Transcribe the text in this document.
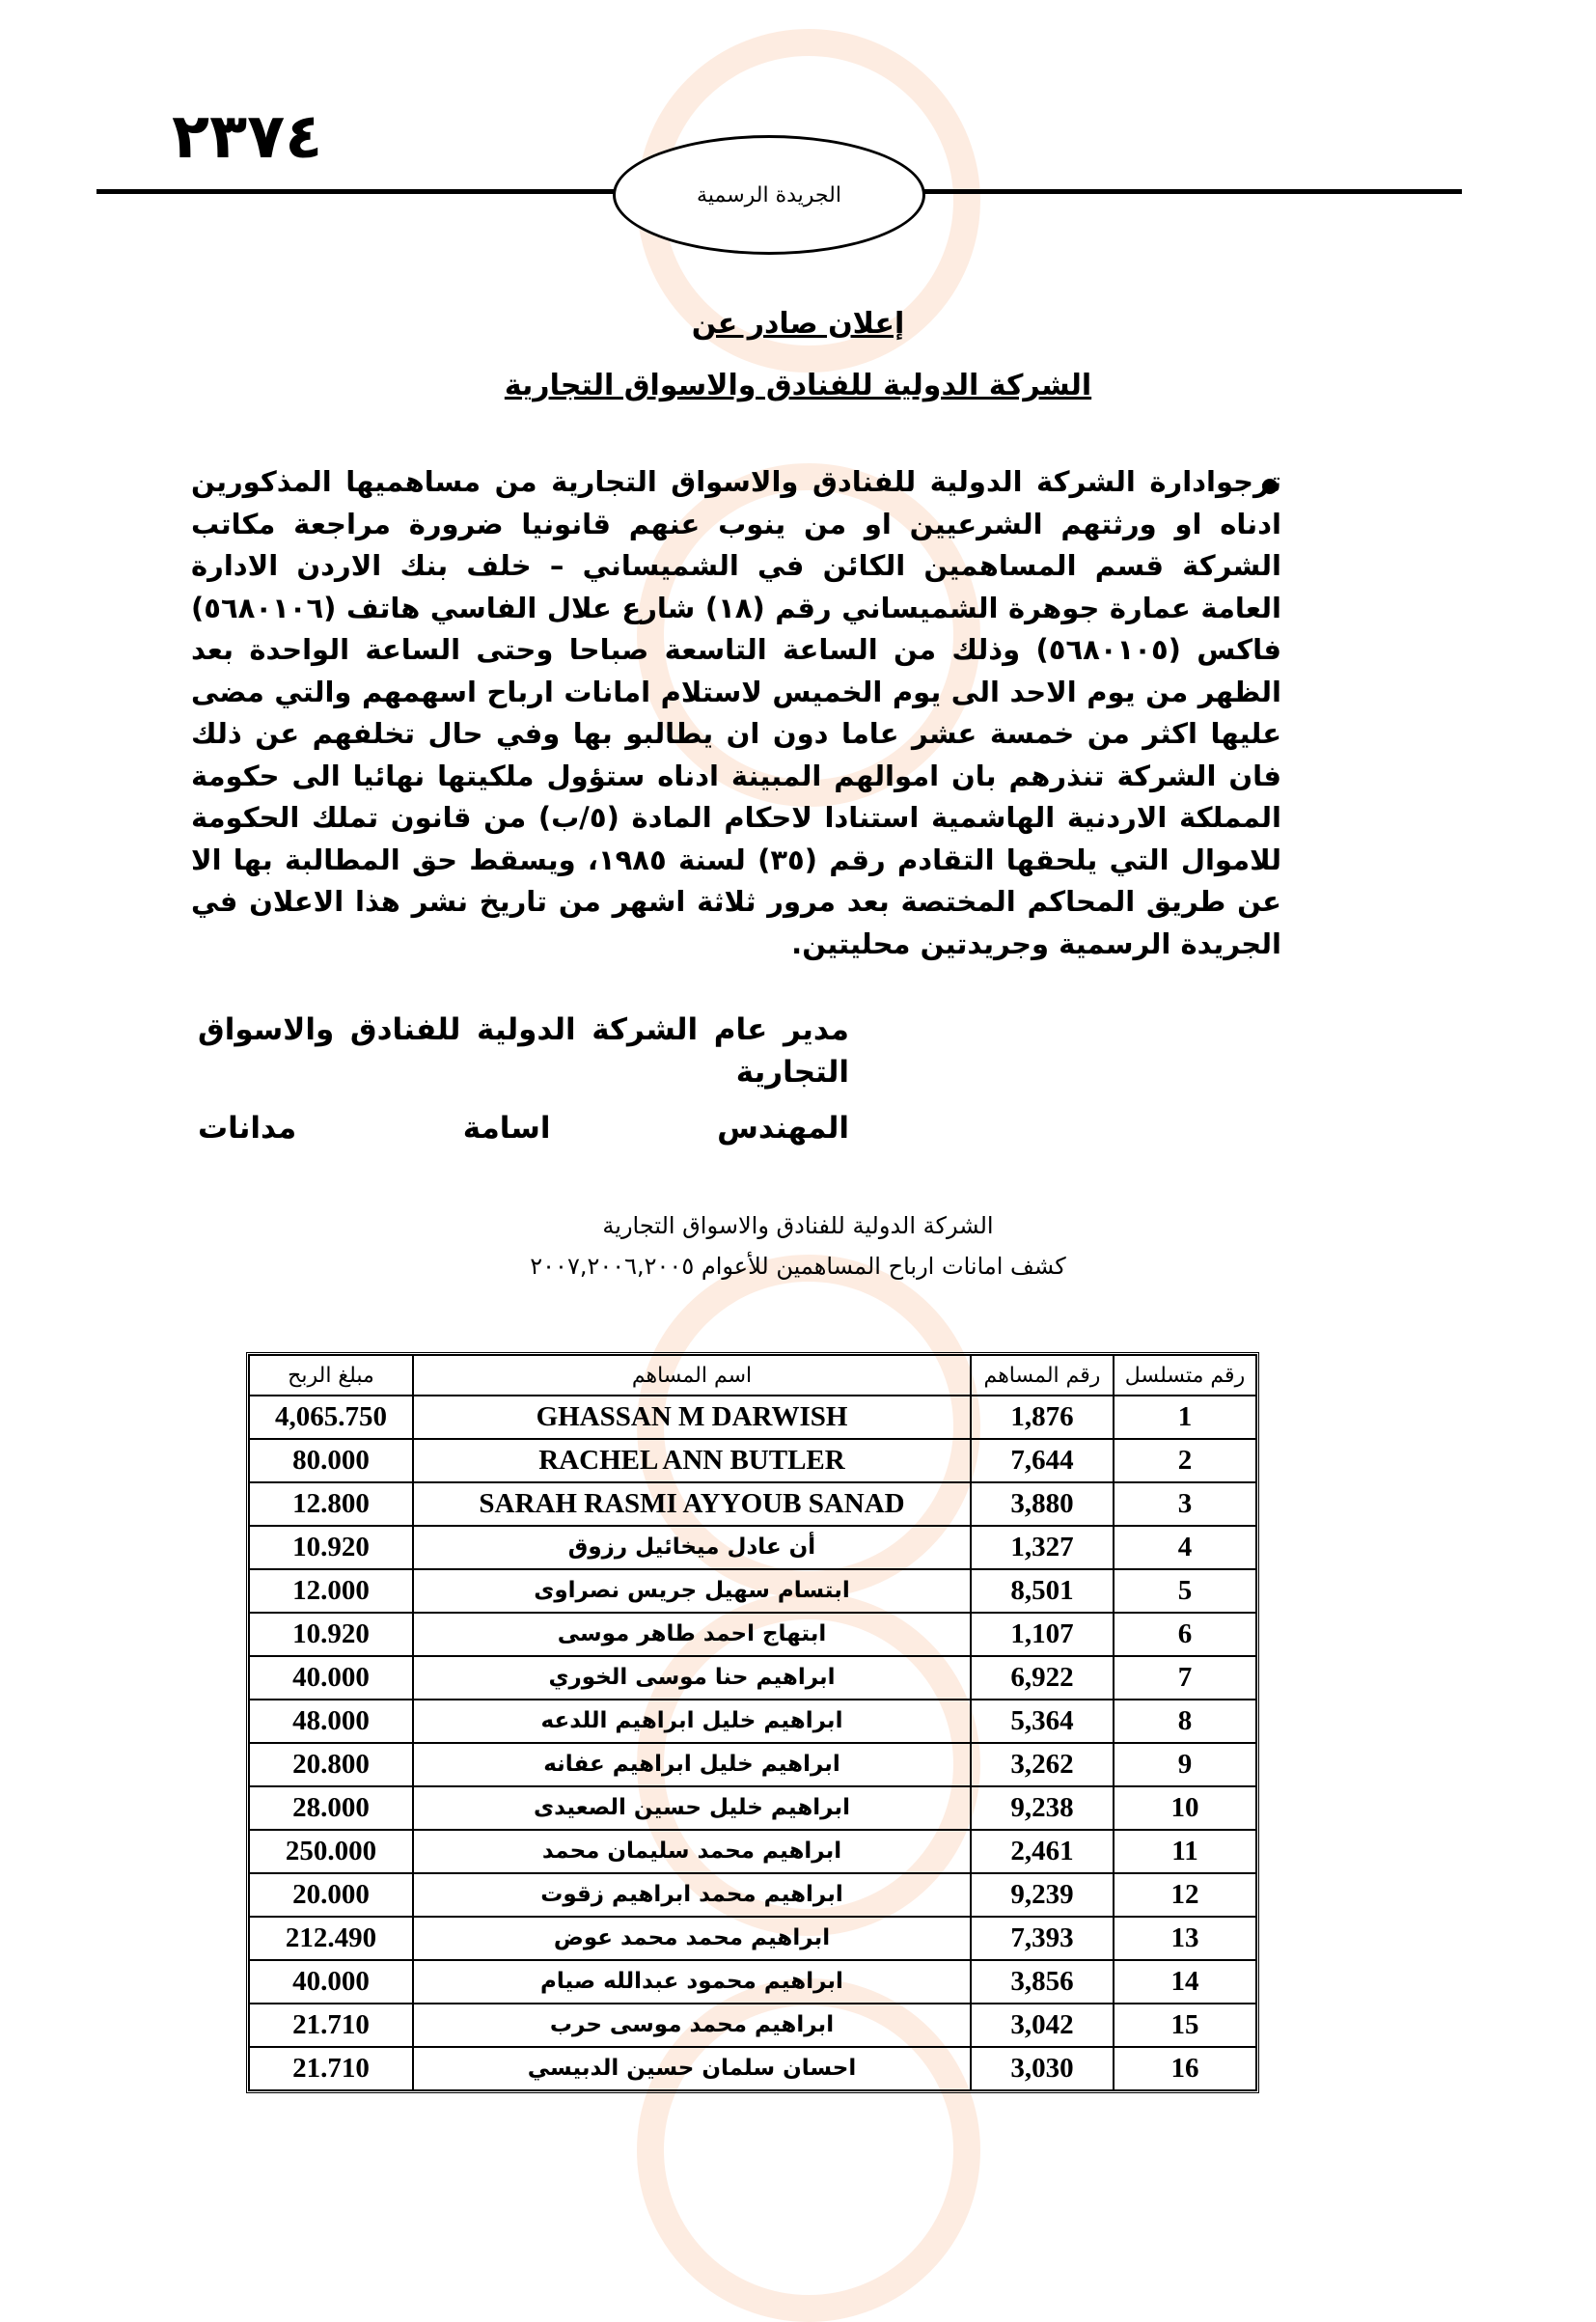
٢٣٧٤
الجريدة الرسمية
إعلان صادر عن
الشركة الدولية للفنادق والاسواق التجارية

ترجوادارة الشركة الدولية للفنادق والاسواق التجارية من مساهميها المذكورين ادناه او ورثتهم الشرعيين او من ينوب عنهم قانونيا ضرورة مراجعة مكاتب الشركة قسم المساهمين الكائن في الشميساني – خلف بنك الاردن الادارة العامة عمارة جوهرة الشميساني رقم (١٨) شارع علال الفاسي هاتف (٥٦٨٠١٠٦) فاكس (٥٦٨٠١٠٥) وذلك من الساعة التاسعة صباحا وحتى الساعة الواحدة بعد الظهر من يوم الاحد الى يوم الخميس لاستلام امانات ارباح اسهمهم والتي مضى عليها اكثر من خمسة عشر عاما دون ان يطالبو بها وفي حال تخلفهم عن ذلك فان الشركة تنذرهم بان اموالهم المبينة ادناه ستؤول ملكيتها نهائيا الى حكومة المملكة الاردنية الهاشمية استنادا لاحكام المادة (٥/ب) من قانون تملك الحكومة للاموال التي يلحقها التقادم رقم (٣٥) لسنة ١٩٨٥، ويسقط حق المطالبة بها الا عن طريق المحاكم المختصة بعد مرور ثلاثة اشهر من تاريخ نشر هذا الاعلان في الجريدة الرسمية وجريدتين محليتين.

مدير عام الشركة الدولية للفنادق والاسواق التجارية
المهندس اسامة مدانات
الشركة الدولية للفنادق والاسواق التجارية
كشف امانات ارباح المساهمين للأعوام ٢٠٠٧,٢٠٠٦,٢٠٠٥
رقم متسلسل	رقم المساهم	اسم المساهم	مبلغ الربح
1	1,876	GHASSAN M DARWISH	4,065.750
2	7,644	RACHEL ANN BUTLER	80.000
3	3,880	SARAH RASMI AYYOUB SANAD	12.800
4	1,327	أن عادل ميخائيل رزوق	10.920
5	8,501	ابتسام سهيل جريس نصراوى	12.000
6	1,107	ابتهاج احمد طاهر موسى	10.920
7	6,922	ابراهيم حنا موسى الخوري	40.000
8	5,364	ابراهيم خليل ابراهيم اللدعه	48.000
9	3,262	ابراهيم خليل ابراهيم عفانه	20.800
10	9,238	ابراهيم خليل حسين الصعيدى	28.000
11	2,461	ابراهيم محمد سليمان محمد	250.000
12	9,239	ابراهيم محمد ابراهيم زقوت	20.000
13	7,393	ابراهيم محمد محمد عوض	212.490
14	3,856	ابراهيم محمود عبدالله صيام	40.000
15	3,042	ابراهيم محمد موسى حرب	21.710
16	3,030	احسان سلمان حسين الدبيسي	21.710
